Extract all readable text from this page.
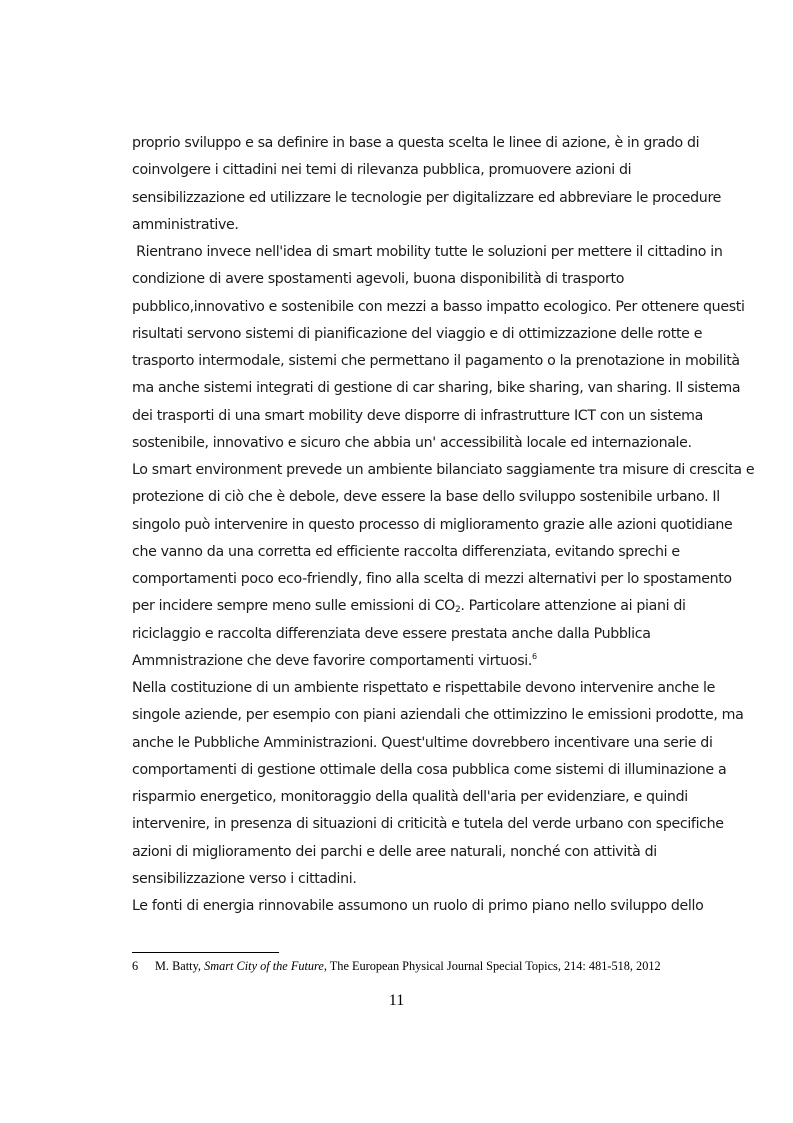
proprio sviluppo e sa definire in base a questa scelta le linee di azione, è in grado di
coinvolgere i cittadini nei temi di rilevanza pubblica, promuovere azioni di
sensibilizzazione ed utilizzare le tecnologie per digitalizzare ed abbreviare le procedure
amministrative.
Rientrano invece nell'idea di smart mobility tutte le soluzioni per mettere il cittadino in
condizione di avere spostamenti agevoli, buona disponibilità di trasporto
pubblico,innovativo e sostenibile con mezzi a basso impatto ecologico. Per ottenere questi
risultati servono sistemi di pianificazione del viaggio e di ottimizzazione delle rotte e
trasporto intermodale, sistemi che permettano il pagamento o la prenotazione in mobilità
ma anche sistemi integrati di gestione di car sharing, bike sharing, van sharing. Il sistema
dei trasporti di una smart mobility deve disporre di infrastrutture ICT con un sistema
sostenibile, innovativo e sicuro che abbia un' accessibilità locale ed internazionale.
Lo smart environment prevede un ambiente bilanciato saggiamente tra misure di crescita e
protezione di ciò che è debole, deve essere la base dello sviluppo sostenibile urbano. Il
singolo può intervenire in questo processo di miglioramento grazie alle azioni quotidiane
che vanno da una corretta ed efficiente raccolta differenziata, evitando sprechi e
comportamenti poco eco-friendly, fino alla scelta di mezzi alternativi per lo spostamento
per incidere sempre meno sulle emissioni di $CO_2$. Particolare attenzione ai piani di
riciclaggio e raccolta differenziata deve essere prestata anche dalla Pubblica
Ammnistrazione che deve favorire comportamenti virtuosi.$^6$
Nella costituzione di un ambiente rispettato e rispettabile devono intervenire anche le
singole aziende, per esempio con piani aziendali che ottimizzino le emissioni prodotte, ma
anche le Pubbliche Amministrazioni. Quest'ultime dovrebbero incentivare una serie di
comportamenti di gestione ottimale della cosa pubblica come sistemi di illuminazione a
risparmio energetico, monitoraggio della qualità dell'aria per evidenziare, e quindi
intervenire, in presenza di situazioni di criticità e tutela del verde urbano con specifiche
azioni di miglioramento dei parchi e delle aree naturali, nonché con attività di
sensibilizzazione verso i cittadini.
Le fonti di energia rinnovabile assumono un ruolo di primo piano nello sviluppo dello
6 M. Batty, Smart City of the Future, The European Physical Journal Special Topics, 214: 481-518, 2012
11
